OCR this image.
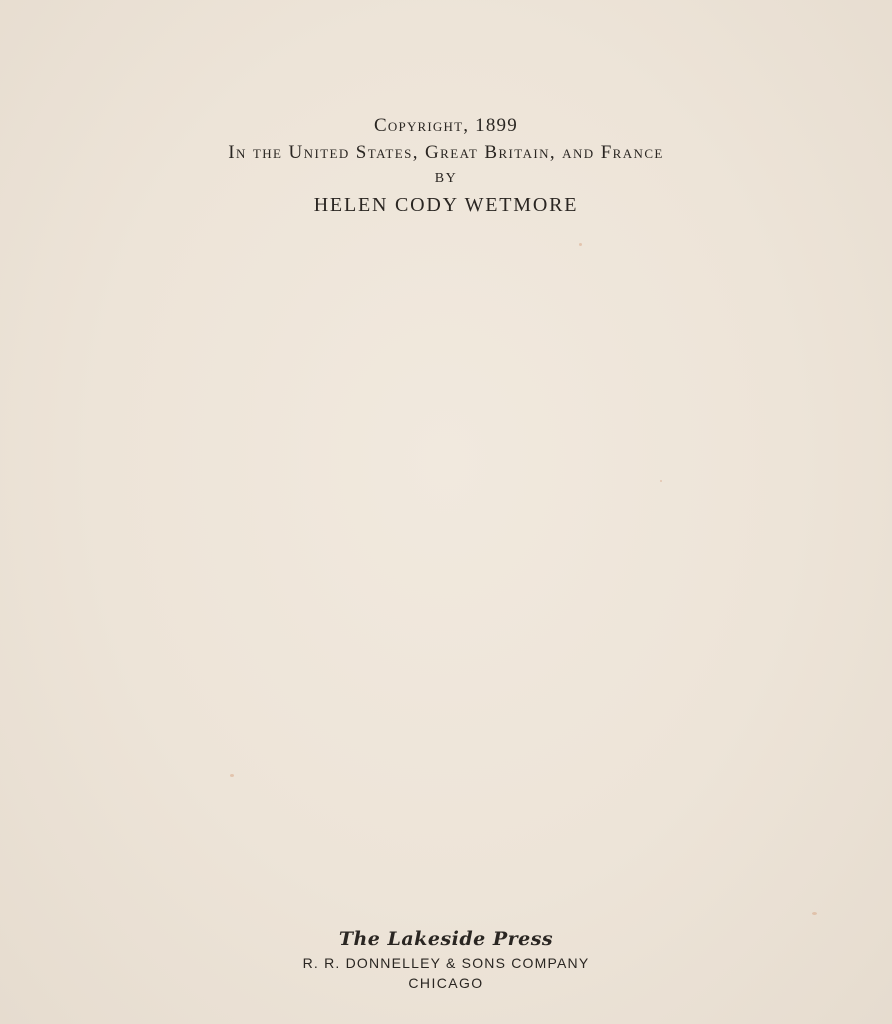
Copyright, 1899
In the United States, Great Britain, and France
BY
HELEN CODY WETMORE
The Lakeside Press
R. R. DONNELLEY & SONS COMPANY
CHICAGO
